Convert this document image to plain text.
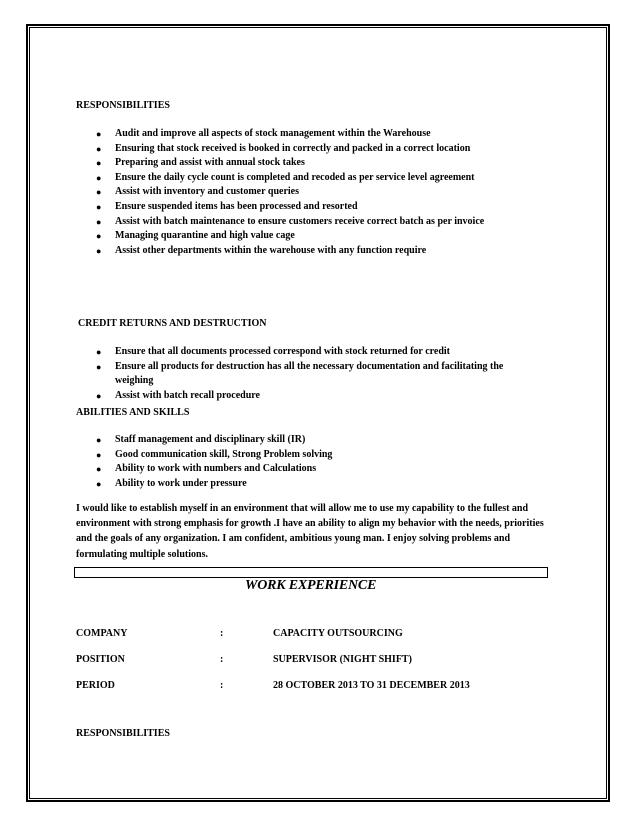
RESPONSIBILITIES
● Audit and improve all aspects of stock management within the Warehouse
● Ensuring that stock received is booked in correctly and packed in a correct location
● Preparing and assist with annual stock takes
● Ensure the daily cycle count is completed and recoded as per service level agreement
● Assist with inventory and customer queries
● Ensure suspended items has been processed and resorted
● Assist with batch maintenance to ensure customers receive correct batch as per invoice
● Managing quarantine and high value cage
● Assist other departments within the warehouse with any function require
CREDIT RETURNS AND DESTRUCTION
● Ensure that all documents processed correspond with stock returned for credit
● Ensure all products for destruction has all the necessary documentation and facilitating the weighing
● Assist with batch recall procedure
ABILITIES AND SKILLS
● Staff management and disciplinary skill (IR)
● Good communication skill, Strong Problem solving
● Ability to work with numbers and Calculations
● Ability to work under pressure
I would like to establish myself in an environment that will allow me to use my capability to the fullest and environment with strong emphasis for growth .I have an ability to align my behavior with the needs, priorities and the goals of any organization. I am confident, ambitious young man. I enjoy solving problems and formulating multiple solutions.
WORK EXPERIENCE
COMPANY	:	CAPACITY OUTSOURCING
POSITION	:	SUPERVISOR (NIGHT SHIFT)
PERIOD	:	28 OCTOBER 2013 TO 31 DECEMBER 2013
RESPONSIBILITIES
